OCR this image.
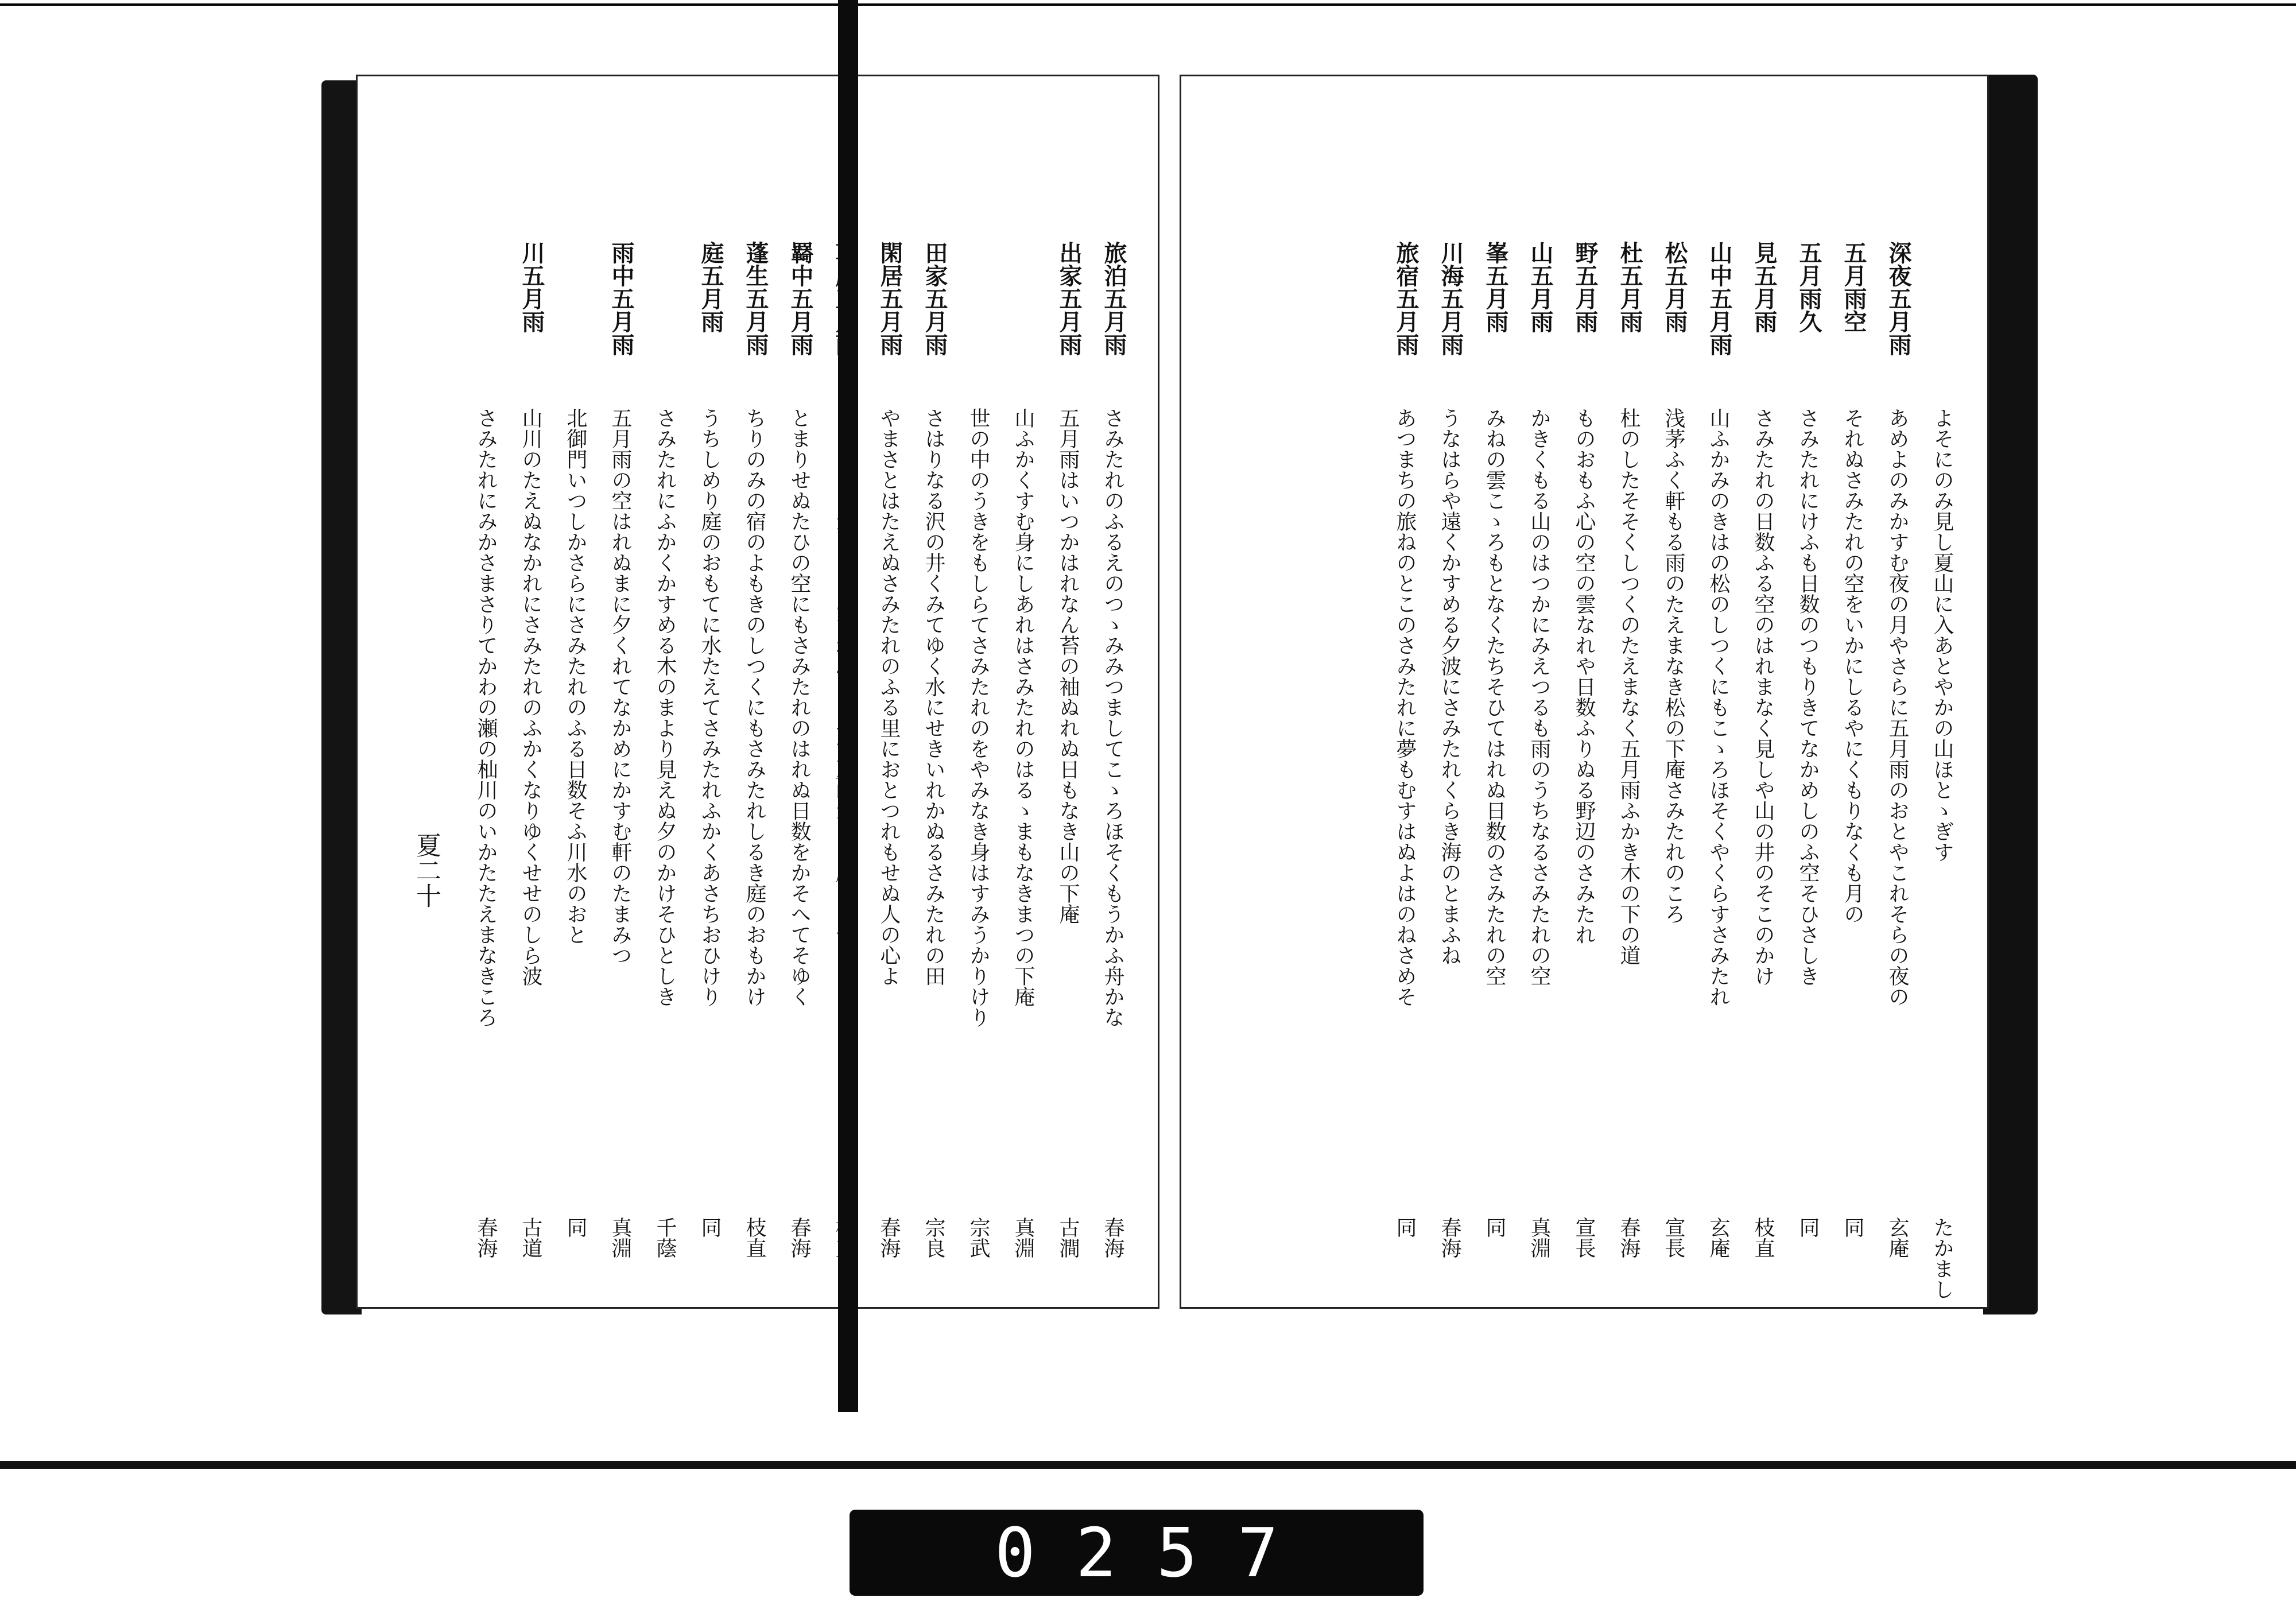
夏二十
旅泊五月雨
さみたれのふるえのつゝみみつましてこゝろほそくもうかふ舟かな
春海
出家五月雨
五月雨はいつかはれなん苔の袖ぬれぬ日もなき山の下庵
古澗
山ふかくすむ身にしあれはさみたれのはるゝまもなきまつの下庵
真淵
世の中のうきをもしらてさみたれのをやみなき身はすみうかりけり
宗武
田家五月雨
さはりなる沢の井くみてゆく水にせきいれかぬるさみたれの田
宗良
閑居五月雨
やまさとはたえぬさみたれのふる里におとつれもせぬ人の心よ
春海
羇中五月雨
とまりせぬたひの空にもさみたれのはれぬ日数をかそへてそゆく
春海
蓬生五月雨
ちりのみの宿のよもきのしつくにもさみたれしるき庭のおもかけ
枝直
庭五月雨
うちしめり庭のおもてに水たえてさみたれふかくあさちおひけり
同
さみたれにふかくかすめる木のまより見えぬ夕のかけそひとしき
千蔭
雨中五月雨
五月雨の空はれぬまに夕くれてなかめにかすむ軒のたまみつ
真淵
北御門いつしかさらにさみたれのふる日数そふ川水のおと
同
川五月雨
山川のたえぬなかれにさみたれのふかくなりゆくせせのしら波
古道
さみたれにみかさまさりてかわの瀬の杣川のいかたたえまなきころ
春海
よそにのみ見し夏山に入あとやかの山ほとゝぎす
たかまし
深夜五月雨
あめよのみかすむ夜の月やさらに五月雨のおとやこれそらの夜の
玄庵
五月雨空
それぬさみたれの空をいかにしるやにくもりなくも月の
同
五月雨久
さみたれにけふも日数のつもりきてなかめしのふ空そひさしき
同
見五月雨
さみたれの日数ふる空のはれまなく見しや山の井のそこのかけ
枝直
山中五月雨
山ふかみのきはの松のしつくにもこゝろほそくやくらすさみたれ
玄庵
松五月雨
浅茅ふく軒もる雨のたえまなき松の下庵さみたれのころ
宣長
杜五月雨
杜のしたそそくしつくのたえまなく五月雨ふかき木の下の道
春海
野五月雨
ものおもふ心の空の雲なれや日数ふりぬる野辺のさみたれ
宣長
山五月雨
かきくもる山のはつかにみえつるも雨のうちなるさみたれの空
真淵
峯五月雨
みねの雲こゝろもとなくたちそひてはれぬ日数のさみたれの空
同
川海五月雨
うなはらや遠くかすめる夕波にさみたれくらき海のとまふね
春海
旅宿五月雨
あつまちの旅ねのとこのさみたれに夢もむすはぬよはのねさめそ
同
0257
